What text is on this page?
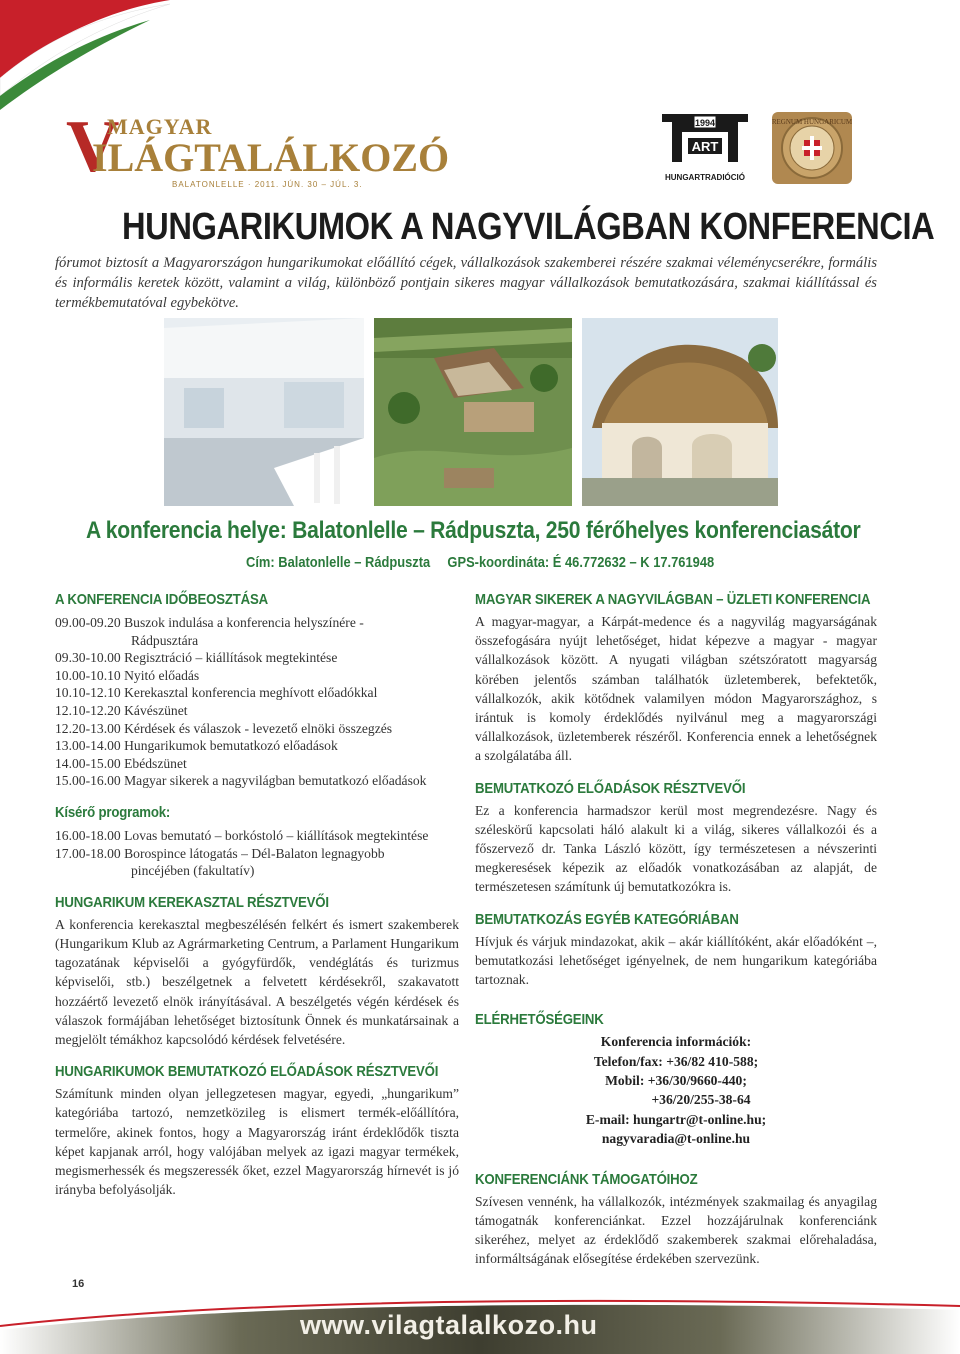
V
MAGYAR
ILÁGTALÁLKOZÓ
BALATONLELLE · 2011. JÚN. 30 – JÚL. 3.
1994
ART
HUNGARTRADIÓCIÓ
REGNUM HUNGARICUM
HUNGARIKUMOK A NAGYVILÁGBAN KONFERENCIA

fórumot biztosít a Magyarországon hungarikumokat előállító cégek, vállalkozások szakemberei részére szakmai véleménycserékre, formális és informális keretek között, valamint a világ, különböző pontjain sikeres magyar vállalkozások bemutatkozására, szakmai kiállítással és termékbemutatóval egybekötve.

A konferencia helye: Balatonlelle – Rádpuszta, 250 férőhelyes konferenciasátor

Cím: Balatonlelle – Rádpuszta GPS-koordináta: É 46.772632 – K 17.761948

A KONFERENCIA IDŐBEOSZTÁSA
09.00-09.20 Buszok indulása a konferencia helyszínére -
Rádpusztára
09.30-10.00 Regisztráció – kiállítások megtekintése
10.00-10.10 Nyitó előadás
10.10-12.10 Kerekasztal konferencia meghívott előadókkal
12.10-12.20 Kávészünet
12.20-13.00 Kérdések és válaszok - levezető elnöki összegzés
13.00-14.00 Hungarikumok bemutatkozó előadások
14.00-15.00 Ebédszünet
15.00-16.00 Magyar sikerek a nagyvilágban bemutatkozó előadások
Kísérő programok:
16.00-18.00 Lovas bemutató – borkóstoló – kiállítások megtekintése
17.00-18.00 Borospince látogatás – Dél-Balaton legnagyobb
pincéjében (fakultatív)
HUNGARIKUM KEREKASZTAL RÉSZTVEVŐI

A konferencia kerekasztal megbeszélésén felkért és ismert szakemberek (Hungarikum Klub az Agrármarketing Centrum, a Parlament Hungarikum tagozatának képviselői a gyógyfürdők, vendéglátás és turizmus képviselői, stb.) beszélgetnek a felvetett kérdésekről, szakavatott hozzáértő levezető elnök irányításával. A beszélgetés végén kérdések és válaszok formájában lehetőséget biztosítunk Önnek és munkatársainak a megjelölt témákhoz kapcsolódó kérdések felvetésére.

HUNGARIKUMOK BEMUTATKOZÓ ELŐADÁSOK RÉSZTVEVŐI

Számítunk minden olyan jellegzetesen magyar, egyedi, „hungarikum” kategóriába tartozó, nemzetközileg is elismert termék-előállítóra, termelőre, akinek fontos, hogy a Magyarország iránt érdeklődők tiszta képet kapjanak arról, hogy valójában melyek az igazi magyar termékek, megismerhessék és megszeressék őket, ezzel Magyarország hírnevét is jó irányba befolyásolják.

MAGYAR SIKEREK A NAGYVILÁGBAN – ÜZLETI KONFERENCIA

A magyar-magyar, a Kárpát-medence és a nagyvilág magyarságának összefogására nyújt lehetőséget, hidat képezve a magyar - magyar vállalkozások között. A nyugati világban szétszóratott magyarság körében jelentős számban találhatók üzletemberek, befektetők, vállalkozók, akik kötődnek valamilyen módon Magyarországhoz, s irántuk is komoly érdeklődés nyilvánul meg a magyarországi vállalkozások, üzletemberek részéről. Konferencia ennek a lehetőségnek a szolgálatába áll.

BEMUTATKOZÓ ELŐADÁSOK RÉSZTVEVŐI

Ez a konferencia harmadszor kerül most megrendezésre. Nagy és széleskörű kapcsolati háló alakult ki a világ, sikeres vállalkozói és a főszervező dr. Tanka László között, így természetesen a névszerinti megkeresések képezik az előadók vonatkozásában az alapját, de természetesen számítunk új bemutatkozókra is.

BEMUTATKOZÁS EGYÉB KATEGÓRIÁBAN

Hívjuk és várjuk mindazokat, akik – akár kiállítóként, akár előadóként –, bemutatkozási lehetőséget igényelnek, de nem hungarikum kategóriába tartoznak.

ELÉRHETŐSÉGEINK
Konferencia információk:
Telefon/fax: +36/82 410-588;
Mobil: +36/30/9660-440;
+36/20/255-38-64
E-mail: hungartr@t-online.hu;
nagyvaradia@t-online.hu
KONFERENCIÁNK TÁMOGATÓIHOZ

Szívesen vennénk, ha vállalkozók, intézmények szakmailag és anyagilag támogatnák konferenciánkat. Ezzel hozzájárulnak konferenciánk sikeréhez, melyet az érdeklődő szakemberek szakmai előrehaladása, informáltságának elősegítése érdekében szervezünk.

16
www.vilagtalalkozo.hu
